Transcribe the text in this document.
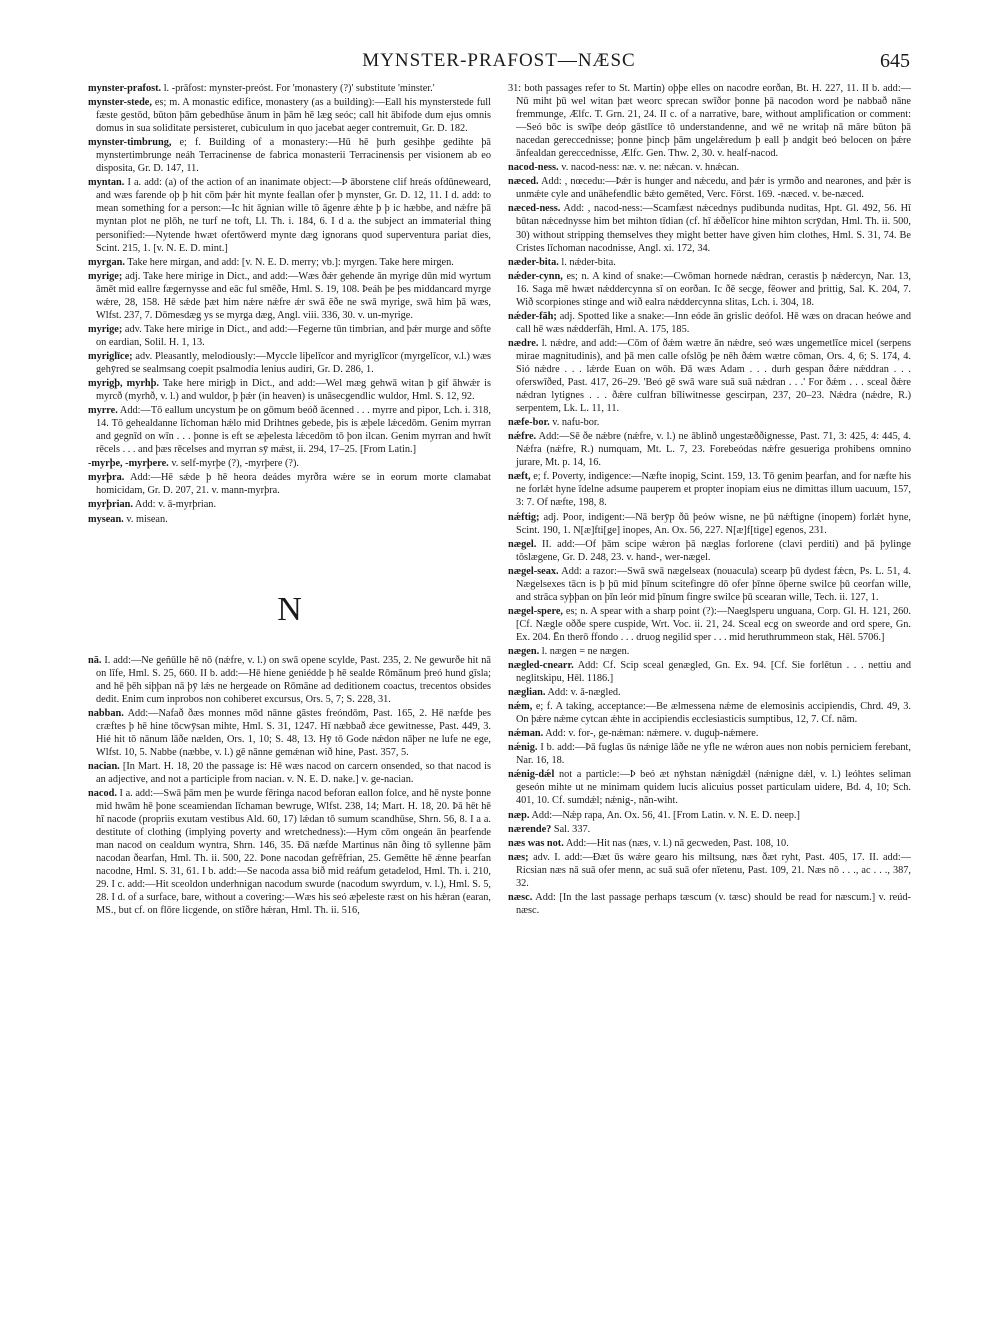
MYNSTER-PRAFOST—NÆSC	645

mynster-prafost. l. -prāfost: mynster-preóst. For 'monastery (?)' substitute 'minster.'

mynster-stede, es; m. A monastic edifice, monastery (as a building):—Eall his mynsterstede full fæste gestōd, būton þām gebedhūse ānum in þām hē læg seóc; call hit ābifode dum ejus omnis domus in sua soliditate persisteret, cubiculum in quo jacebat aeger contremuit, Gr. D. 182.

mynster-timbrung, e; f. Building of a monastery:—Hū hē þurh gesihþe gedihte þā mynstertimbrunge neáh Terracinense de fabrica monasterii Terracinensis per visionem ab eo disposita, Gr. D. 147, 11.

myntan. I a. add: (a) of the action of an inanimate object:—Þ āborstene clif hreás ofdūneweard, and wæs farende oþ þ hit cōm þǽr hit mynte feallan ofer þ mynster, Gr. D. 12, 11. I d. add: to mean something for a person:—Ic hit āgnian wille tō āgenre ǽhte þ þ ic hæbbe, and nǽfre þā myntan plot ne plōh, ne turf ne toft, Ll. Th. i. 184, 6. I d a. the subject an immaterial thing personified:—Nytende hwæt ofertōwerd mynte dæg ignorans quod superventura pariat dies, Scint. 215, 1. [v. N. E. D. mint.]

myrgan. Take here mirgan, and add: [v. N. E. D. merry; vb.]: myrgen. Take here mirgen.

myrige; adj. Take here mirige in Dict., and add:—Wæs ðǽr gehende ān myrige dūn mid wyrtum āmēt mid eallre fægernysse and eāc ful smēðe, Hml. S. 19, 108. Þeáh þe þes middancard myrge wǽre, 28, 158. Hē sǽde þæt him nǽre nǽfre ǽr swā ēðe ne swā myrige, swā him þā wæs, Wlfst. 237, 7. Dōmesdæg ys se myrga dæg, Angl. viii. 336, 30. v. un-myrige.

myrige; adv. Take here mirige in Dict., and add:—Fegerne tūn timbrian, and þǽr murge and sōfte on eardian, Solil. H. 1, 13.

myriglīce; adv. Pleasantly, melodiously:—Myccle liþelīcor and myriglīcor (myrgelīcor, v.l.) wæs gehȳred se sealmsang coepit psalmodia lenius audiri, Gr. D. 286, 1.

myrigþ, myrhþ. Take here mirigþ in Dict., and add:—Wel mæg gehwā witan þ gif āhwǽr is myrcð (myrhð, v. l.) and wuldor, þ þǽr (in heaven) is unāsecgendlic wuldor, Hml. S. 12, 92.

myrre. Add:—Tō eallum uncystum þe on gōmum beóð ācenned . . . myrre and pipor, Lch. i. 318, 14. Tō gehealdanne līchoman hǽlo mid Drihtnes gebede, þis is æþele lǽcedōm. Genim myrran and gegnīd on wīn . . . þonne is eft se æþelesta lǽcedōm tō þon ilcan. Genim myrran and hwīt rēcels . . . and þæs rēcelses and myrran sȳ mǽst, ii. 294, 17–25. [From Latin.]

-myrþe, -myrþere. v. self-myrþe (?), -myrþere (?).

myrþra. Add:—Hē sǽde þ hē heora deádes myrðra wǽre se in eorum morte clamabat homicidam, Gr. D. 207, 21. v. mann-myrþra.

myrþrian. Add: v. ā-myrþrian.

mysean. v. misean.

N

nā. I. add:—Ne geñūlle hē nō (nǽfre, v. l.) on swā opene scylde, Past. 235, 2. Ne gewurðe hit nā on līfe, Hml. S. 25, 660. II b. add:—Hē hiene geniédde þ hē sealde Rōmānum þreó hund gīsla; and hē þēh siþþan nā þȳ lǽs ne hergeade on Rōmāne ad deditionem coactus, trecentos obsides dedit. Enim cum inprobos non cohiberet excursus, Ors. 5, 7; S. 228, 31.

nabban. Add:—Nafað ðæs monnes mōd nānne gāstes freóndōm, Past. 165, 2. Hē næfde þes cræftes þ hē hine tōcwȳsan mihte, Hml. S. 31, 1247. Hī næbbað ǽce gewitnesse, Past. 449, 3. Hié hit tō nānum lāðe nælden, Ors. 1, 10; S. 48, 13. Hȳ tō Gode nǽdon nāþer ne lufe ne ege, Wlfst. 10, 5. Nabbe (næbbe, v. l.) gē nānne gemǽnan wið hine, Past. 357, 5.

nacian. [In Mart. H. 18, 20 the passage is: Hē wæs nacod on carcern onsended, so that nacod is an adjective, and not a participle from nacian. v. N. E. D. nake.] v. ge-nacian.

nacod. I a. add:—Swā þām men þe wurde fēringa nacod beforan eallon folce, and hē nyste þonne mid hwām hē þone sceamiendan līchaman bewruge, Wlfst. 238, 14; Mart. H. 18, 20. Þā hēt hē hī nacode (propriis exutam vestibus Ald. 60, 17) lǽdan tō sumum scandhūse, Shrn. 56, 8. I a a. destitute of clothing (implying poverty and wretchedness):—Hym cōm ongeán ān þearfende man nacod on cealdum wyntra, Shrn. 146, 35. Ðā næfde Martinus nān ðing tō syllenne þām nacodan ðearfan, Hml. Th. ii. 500, 22. Þone nacodan gefrēfrian, 25. Gemētte hē ǽnne þearfan nacodne, Hml. S. 31, 61. I b. add:—Se nacoda assa bið mid reáfum getadelod, Hml. Th. i. 210, 29. I c. add:—Hit sceoldon underhnigan nacodum swurde (nacodum swyrdum, v. l.), Hml. S. 5, 28. I d. of a surface, bare, without a covering:—Wæs his seó æþeleste ræst on his hǽran (earan, MS., but cf. on flōre licgende, on stīðre hǽran, Hml. Th. ii. 516,

31: both passages refer to St. Martin) oþþe elles on nacodre eorðan, Bt. H. 227, 11. II b. add:—Nū miht þū wel witan þæt weorc sprecan swīðor þonne þā nacodon word þe nabbað nāne fremmunge, Ælfc. T. Grn. 21, 24. II c. of a narrative, bare, without amplification or comment:—Seó bōc is swīþe deóp gāstlīce tō understandenne, and wē ne writaþ nā māre būton þā nacedan gereccednisse; þonne þincþ þām ungelǽredum þ eall þ andgit beó belocen on þǽre ānfealdan gereccednisse, Ælfc. Gen. Thw. 2, 30. v. healf-nacod.

nacod-ness. v. nacod-ness: næ. v. ne: nǽcan. v. hnǽcan.

næced. Add: , nœcedu:—Þǽr is hunger and nǽcedu, and þǽr is yrmðo and nearones, and þǽr is unmǽte cyle and unāhefendlic bǽto gemēted, Verc. Först. 169. -næced. v. be-næced.

næced-ness. Add: , nacod-ness:—Scamfæst nǽcednys pudibunda nuditas, Hpt. Gl. 492, 56. Hī būtan nǽcednysse him bet mihton tīdian (cf. hī ǽðelīcor hine mihton scrȳdan, Hml. Th. ii. 500, 30) without stripping themselves they might better have given him clothes, Hml. S. 31, 74. Be Cristes līchoman nacodnisse, Angl. xi. 172, 34.

næder-bita. l. nǽder-bita.

nǽder-cynn, es; n. A kind of snake:—Cwōman hornede nǽdran, cerastis þ nǽdercyn, Nar. 13, 16. Saga mē hwæt nǽddercynna sī on eorðan. Ic ðē secge, fēower and þrittig, Sal. K. 204, 7. Wið scorpiones stinge and wið ealra nǽddercynna slitas, Lch. i. 304, 18.

nǽder-fāh; adj. Spotted like a snake:—Inn eóde ān grislic deófol. Hē wæs on dracan heówe and call hē wæs nǽdderfāh, Hml. A. 175, 185.

nædre. l. nǽdre, and add:—Cōm of ðǽm wætre ān nǽdre, seó wæs ungemetlīce micel (serpens mirae magnitudinis), and þā men calle ofslōg þe nēh ðǽm wætre cōman, Ors. 4, 6; S. 174, 4. Sió nǽdre . . . lǽrde Euan on wōh. Ðā wæs Adam . . . durh gespan ðǽre nǽddran . . . oferswīðed, Past. 417, 26–29. 'Beó gē swā ware suā suā nǽdran . . .' For ðǽm . . . sceal ðǽre nǽdran lytignes . . . ðǽre culfran bīliwitnesse gescirpan, 237, 20–23. Nǽdra (nǽdre, R.) serpentem, Lk. L. 11, 11.

næfe-bor. v. nafu-bor.

nǽfre. Add:—Sē ðe nǽbre (nǽfre, v. l.) ne āblinð ungestæððignesse, Past. 71, 3: 425, 4: 445, 4. Nǽfra (nǽfre, R.) numquam, Mt. L. 7, 23. Forebeódas nǽfre gesueriga prohibens omnino jurare, Mt. p. 14, 16.

næft, e; f. Poverty, indigence:—Næfte inopig, Scint. 159, 13. Tō genim þearfan, and for næfte his ne forlǽt hyne īdelne adsume pauperem et propter inopiam eius ne dimittas illum uacuum, 157, 3: 7. Of næfte, 198, 8.

nǽftig; adj. Poor, indigent:—Nā berȳp ðū þeów wisne, ne þū nǽftigne (inopem) forlǽt hyne, Scint. 190, 1. N[æ]fti[ge] inopes, An. Ox. 56, 227. N[æ]f[tige] egenos, 231.

nægel. II. add:—Of þām scipe wǽron þā næglas forlorene (clavi perditi) and þā þylinge tōslægene, Gr. D. 248, 23. v. hand-, wer-nægel.

nægel-seax. Add: a razor:—Swā swā nægelseax (nouacula) scearp þū dydest fǽcn, Ps. L. 51, 4. Nægelsexes tācn is þ þū mid þīnum scitefingre dō ofer þīnne ōþerne swilce þū ceorfan wille, and strāca syþþan on þīn leór mid þīnum fingre swilce þū scearan wille, Tech. ii. 127, 1.

nægel-spere, es; n. A spear with a sharp point (?):—Naeglsperu unguana, Corp. Gl. H. 121, 260. [Cf. Nægle oððe spere cuspide, Wrt. Voc. ii. 21, 24. Sceal ecg on sweorde and ord spere, Gn. Ex. 204. Ēn therō ffondo . . . druog negilid sper . . . mid heruthrummeon stak, Hēl. 5706.]

nægen. l. nægen = ne nægen.

nægled-cnearr. Add: Cf. Scip sceal genægled, Gn. Ex. 94. [Cf. Sie forlētun . . . nettiu and neglitskipu, Hēl. 1186.]

næglian. Add: v. ā-nægled.

nǽm, e; f. A taking, acceptance:—Be ælmessena nǽme de elemosinis accipiendis, Chrd. 49, 3. On þǽre nǽme cytcan ǽhte in accipiendis ecclesiasticis sumptibus, 12, 7. Cf. nām.

nǽman. Add: v. for-, ge-nǽman: nǽmere. v. duguþ-nǽmere.

nǽnig. I b. add:—Þā fuglas ūs nǽnige lāðe ne yfle ne wǽron aues non nobis perniciem ferebant, Nar. 16, 18.

nǽnig-dǽl not a particle:—Þ beó æt nȳhstan nǽnigdǽl (nǽnigne dǽl, v. l.) leóhtes seliman geseón mihte ut ne minimam quidem lucis alicuius posset particulam uidere, Bd. 4, 10; Sch. 401, 10. Cf. sumdǽl; nǽnig-, nān-wiht.

næp. Add:—Nǽp rapa, An. Ox. 56, 41. [From Latin. v. N. E. D. neep.]

nærende? Sal. 337.

næs was not. Add:—Hit nas (næs, v. l.) nā gecweden, Past. 108, 10.

næs; adv. I. add:—Ðæt ūs wǽre gearo his miltsung, næs ðæt ryht, Past. 405, 17. II. add:—Ricsian næs nā suā ofer menn, ac suā suā ofer nīetenu, Past. 109, 21. Næs nō . . ., ac . . ., 387, 32.

næsc. Add: [In the last passage perhaps tæscum (v. tæsc) should be read for næscum.] v. reúd-næsc.
